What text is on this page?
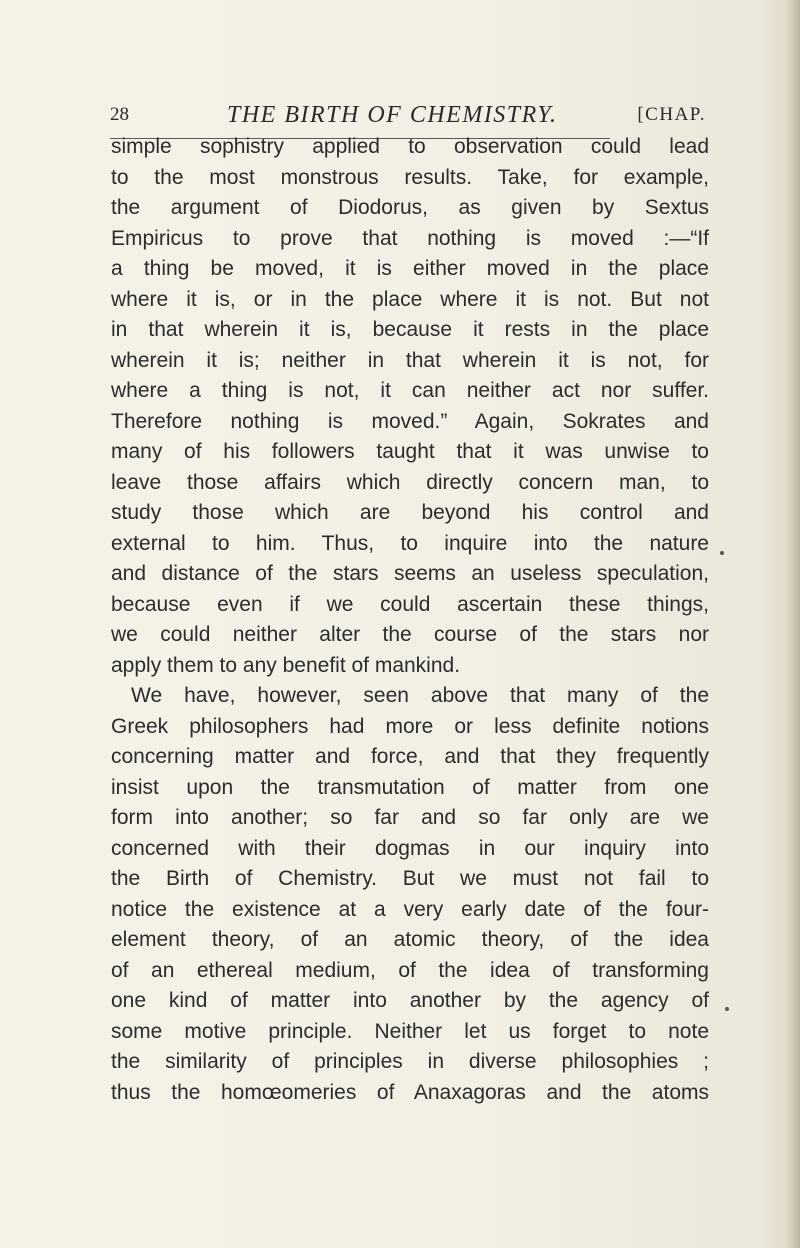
28	THE BIRTH OF CHEMISTRY.	[CHAP.
simple sophistry applied to observation could lead
to the most monstrous results. Take, for example,
the argument of Diodorus, as given by Sextus
Empiricus to prove that nothing is moved :—“If
a thing be moved, it is either moved in the place
where it is, or in the place where it is not. But not
in that wherein it is, because it rests in the place
wherein it is; neither in that wherein it is not, for
where a thing is not, it can neither act nor suffer.
Therefore nothing is moved.” Again, Sokrates and
many of his followers taught that it was unwise to
leave those affairs which directly concern man, to
study those which are beyond his control and
external to him. Thus, to inquire into the nature
and distance of the stars seems an useless speculation,
because even if we could ascertain these things,
we could neither alter the course of the stars nor
apply them to any benefit of mankind.
We have, however, seen above that many of the
Greek philosophers had more or less definite notions
concerning matter and force, and that they frequently
insist upon the transmutation of matter from one
form into another; so far and so far only are we
concerned with their dogmas in our inquiry into
the Birth of Chemistry. But we must not fail to
notice the existence at a very early date of the four-
element theory, of an atomic theory, of the idea
of an ethereal medium, of the idea of transforming
one kind of matter into another by the agency of
some motive principle. Neither let us forget to note
the similarity of principles in diverse philosophies ;
thus the homœomeries of Anaxagoras and the atoms
